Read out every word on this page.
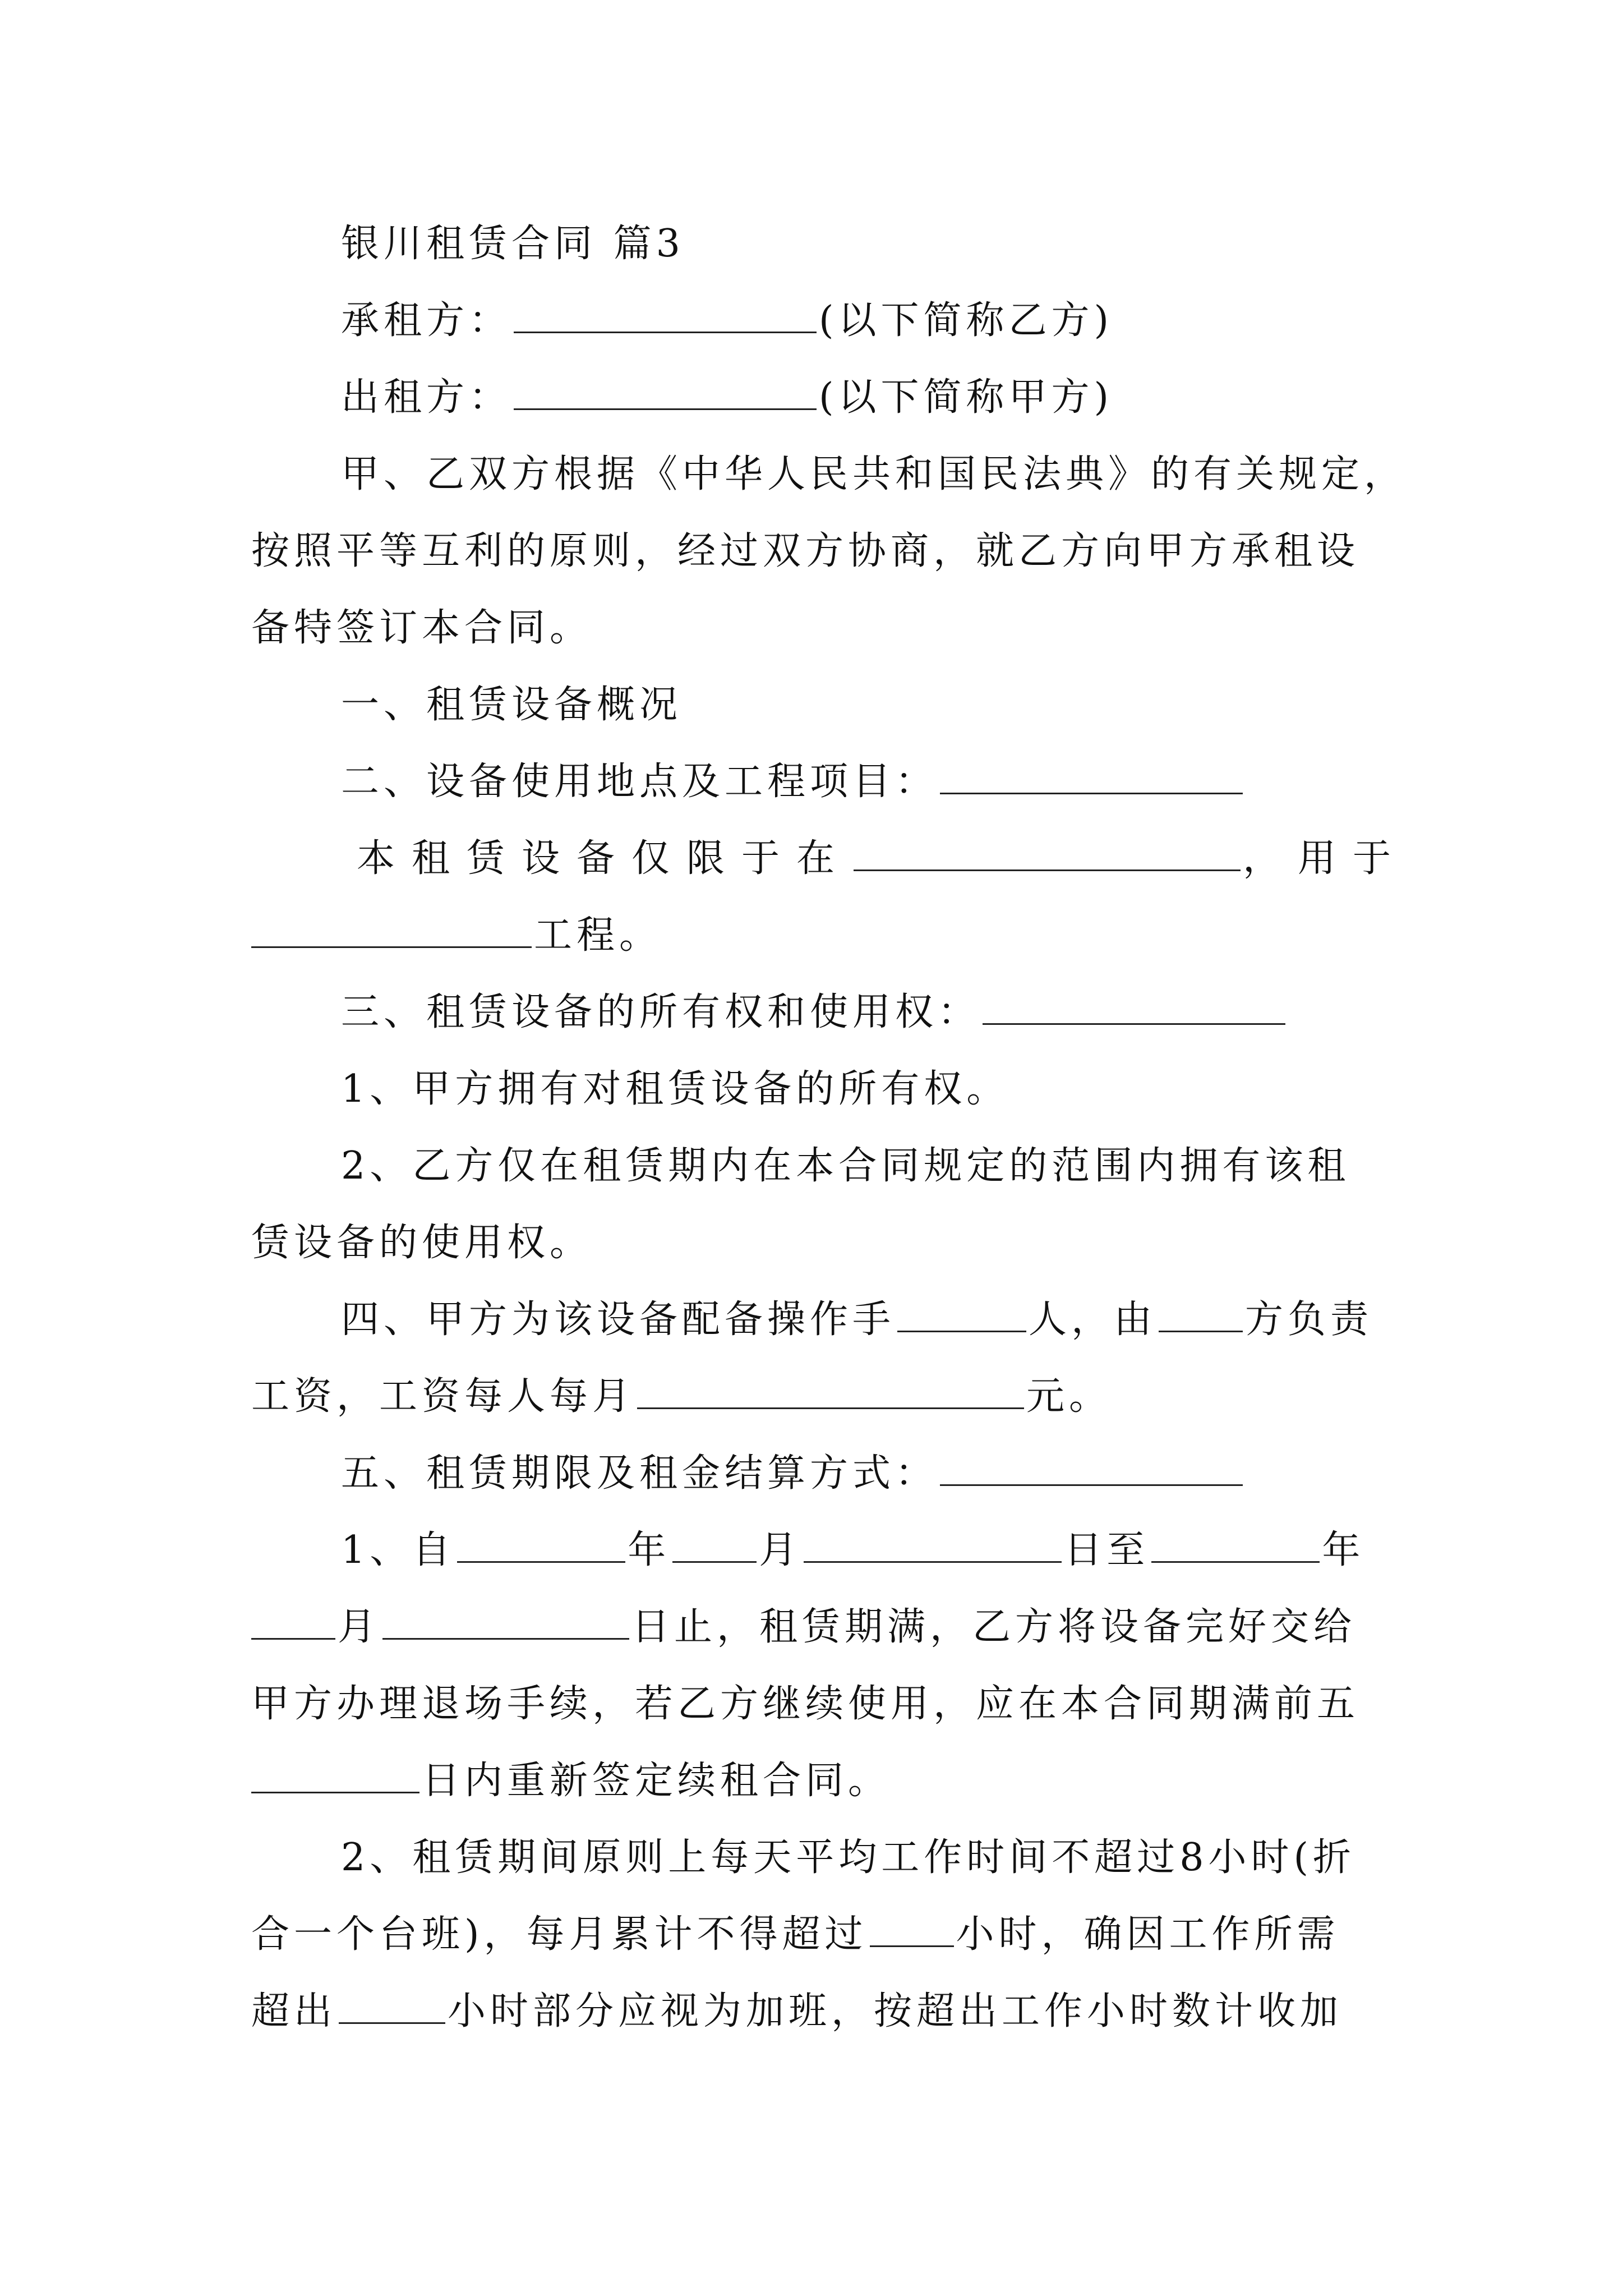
银川租赁合同 篇3
承租方：	(以下简称乙方)
出租方：	(以下简称甲方)
甲、乙双方根据《中华人民共和国民法典》的有关规定，
按照平等互利的原则，经过双方协商，就乙方向甲方承租设
备特签订本合同。
一、租赁设备概况
二、设备使用地点及工程项目：
本租赁设备仅限于在	，用于
工程。
三、租赁设备的所有权和使用权：
1、甲方拥有对租赁设备的所有权。
2、乙方仅在租赁期内在本合同规定的范围内拥有该租
赁设备的使用权。
四、甲方为该设备配备操作手	人，由 方负责
工资，工资每人每月	元。
五、租赁期限及租金结算方式：
1、自	年 月	日至	年
月	日止，租赁期满，乙方将设备完好交给
甲方办理退场手续，若乙方继续使用，应在本合同期满前五
日内重新签定续租合同。
2、租赁期间原则上每天平均工作时间不超过8小时(折
合一个台班)，每月累计不得超过 小时，确因工作所需
超出	小时部分应视为加班，按超出工作小时数计收加
